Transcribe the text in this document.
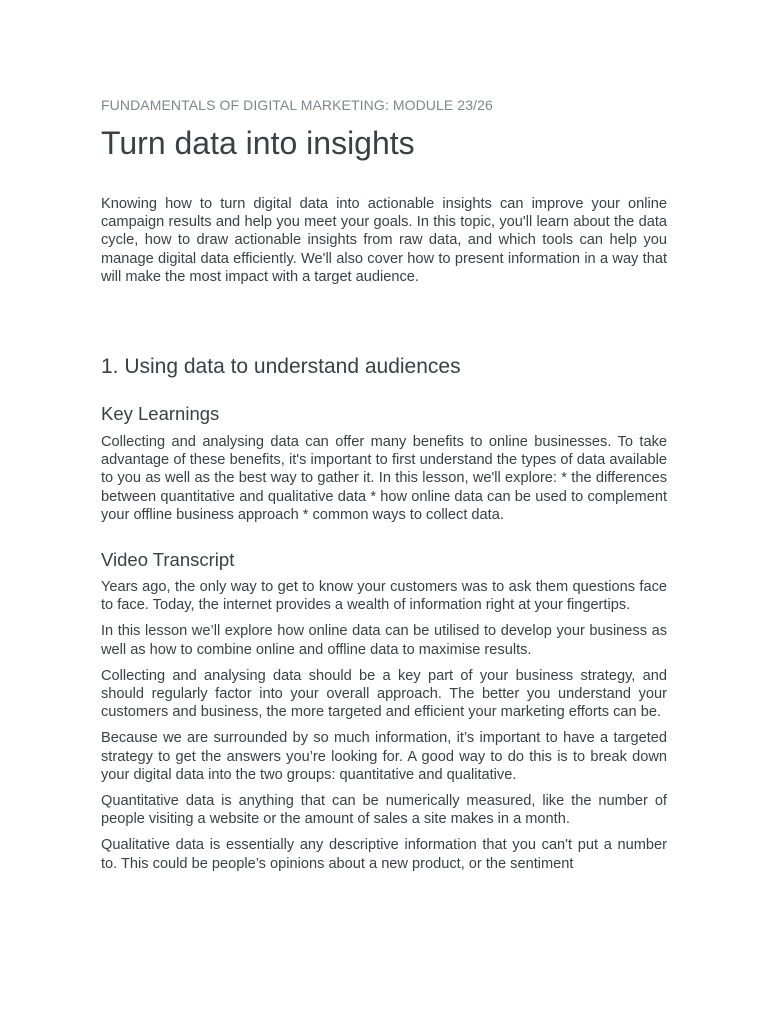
FUNDAMENTALS OF DIGITAL MARKETING: MODULE 23/26

Turn data into insights

Knowing how to turn digital data into actionable insights can improve your online campaign results and help you meet your goals. In this topic, you'll learn about the data cycle, how to draw actionable insights from raw data, and which tools can help you manage digital data efficiently. We'll also cover how to present information in a way that will make the most impact with a target audience.

1. Using data to understand audiences
Key Learnings

Collecting and analysing data can offer many benefits to online businesses. To take advantage of these benefits, it's important to first understand the types of data available to you as well as the best way to gather it. In this lesson, we'll explore: * the differences between quantitative and qualitative data * how online data can be used to complement your offline business approach * common ways to collect data.

Video Transcript

Years ago, the only way to get to know your customers was to ask them questions face to face. Today, the internet provides a wealth of information right at your fingertips.

In this lesson we’ll explore how online data can be utilised to develop your business as well as how to combine online and offline data to maximise results.

Collecting and analysing data should be a key part of your business strategy, and should regularly factor into your overall approach. The better you understand your customers and business, the more targeted and efficient your marketing efforts can be.

Because we are surrounded by so much information, it’s important to have a targeted strategy to get the answers you’re looking for. A good way to do this is to break down your digital data into the two groups: quantitative and qualitative.

Quantitative data is anything that can be numerically measured, like the number of people visiting a website or the amount of sales a site makes in a month.

Qualitative data is essentially any descriptive information that you can't put a number to. This could be people’s opinions about a new product, or the sentiment
